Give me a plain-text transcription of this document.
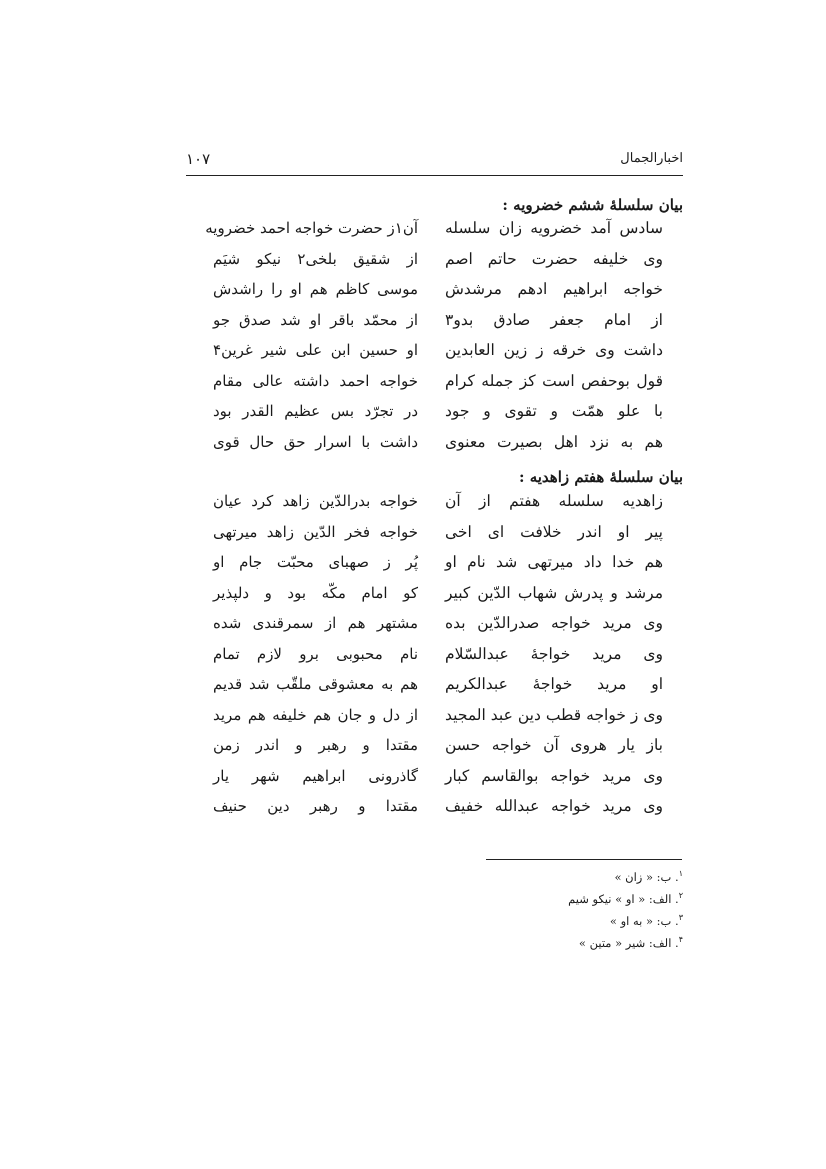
۱۰۷	اخبارالجمال
بیان سلسلهٔ ششم خضرویه :
سادس آمد خضرویه زان سلسله
وی خلیفه حضرت حاتم اصم
خواجه ابراهیم ادهم مرشدش
از امام جعفر صادق بدو۳
داشت وی خرقه ز زین العابدین
قول بوحفص است کز جمله کرام
با علو همّت و تقوی و جود
هم به نزد اهل بصیرت معنوی
آن۱ز حضرت خواجه احمد خضرویه
از شقیق بلخی۲ نیکو شیَم
موسی کاظم هم او را راشدش
از محمّد باقر او شد صدق جو
او حسین ابن علی شیر غرین۴
خواجه احمد داشته عالی مقام
در تجرّد بس عظیم القدر بود
داشت با اسرار حق حال قوی
بیان سلسلهٔ هفتم زاهدیه :
زاهدیه سلسله هفتم از آن
پیر او اندر خلافت ای اخی
هم خدا داد میرتهی شد نام او
مرشد و پدرش شهاب الدّین کبیر
وی مرید خواجه صدرالدّین بده
وی مرید خواجهٔ عبدالسّلام
او مرید خواجهٔ عبدالکریم
وی ز خواجه قطب دین عبد المجید
باز یار هروی آن خواجه حسن
وی مرید خواجه بوالقاسم کبار
وی مرید خواجه عبدالله خفیف
خواجه بدرالدّین زاهد کرد عیان
خواجه فخر الدّین زاهد میرتهی
پُر ز صهبای محبّت جام او
کو امام مکّه بود و دلپذیر
مشتهر هم از سمرقندی شده
نام محبوبی برو لازم تمام
هم به معشوقی ملقّب شد قدیم
از دل و جان هم خلیفه هم مرید
مقتدا و رهبر و اندر زمن
گاذرونی ابراهیم شهر یار
مقتدا و رهبر دین حنیف
$^۱$. ب: « زان »
$^۲$. الف: « او » نیکو شیم
$^۳$. ب: « به او »
$^۴$. الف: شیر « متین »
